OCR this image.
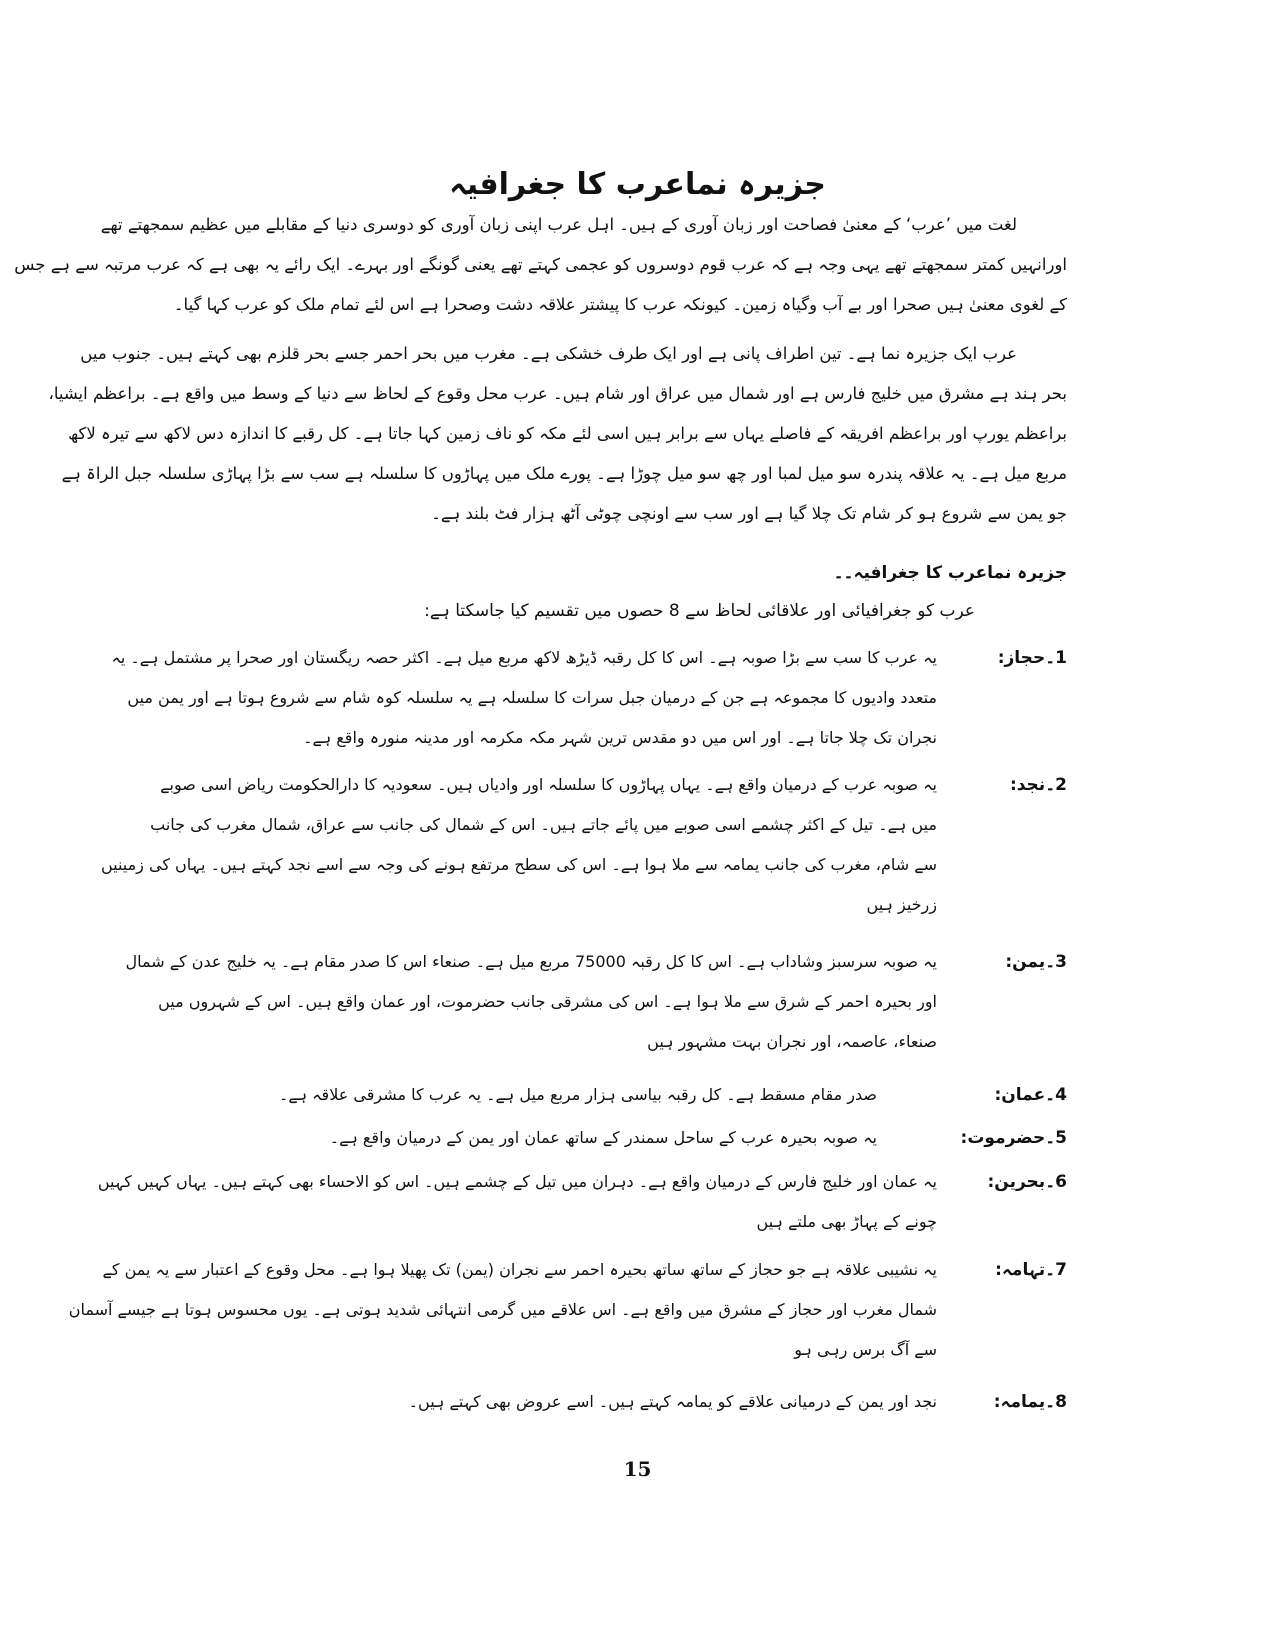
جزیرہ نماعرب کا جغرافیہ
لغت میں ’عرب‘ کے معنیٰ فصاحت اور زبان آوری کے ہیں۔ اہل عرب اپنی زبان آوری کو دوسری دنیا کے مقابلے میں عظیم سمجھتے تھے
اورانہیں کمتر سمجھتے تھے یہی وجہ ہے کہ عرب قوم دوسروں کو عجمی کہتے تھے یعنی گونگے اور بہرے۔ ایک رائے یہ بھی ہے کہ عرب مرتبہ سے ہے جس
کے لغوی معنیٰ ہیں صحرا اور بے آب وگیاہ زمین۔ کیونکہ عرب کا پیشتر علاقہ دشت وصحرا ہے اس لئے تمام ملک کو عرب کہا گیا۔
عرب ایک جزیرہ نما ہے۔ تین اطراف پانی ہے اور ایک طرف خشکی ہے۔ مغرب میں بحر احمر جسے بحر قلزم بھی کہتے ہیں۔ جنوب میں
بحر ہند ہے مشرق میں خلیج فارس ہے اور شمال میں عراق اور شام ہیں۔ عرب محل وقوع کے لحاظ سے دنیا کے وسط میں واقع ہے۔ براعظم ایشیا،
براعظم یورپ اور براعظم افریقہ کے فاصلے یہاں سے برابر ہیں اسی لئے مکہ کو ناف زمین کہا جاتا ہے۔ کل رقبے کا اندازہ دس لاکھ سے تیرہ لاکھ
مربع میل ہے۔ یہ علاقہ پندرہ سو میل لمبا اور چھ سو میل چوڑا ہے۔ پورے ملک میں پہاڑوں کا سلسلہ ہے سب سے بڑا پہاڑی سلسلہ جبل الراۃ ہے
جو یمن سے شروع ہو کر شام تک چلا گیا ہے اور سب سے اونچی چوٹی آٹھ ہزار فٹ بلند ہے۔
جزیرہ نماعرب کا جغرافیہ۔۔
عرب کو جغرافیائی اور علاقائی لحاظ سے 8 حصوں میں تقسیم کیا جاسکتا ہے:
1۔حجاز:
یہ عرب کا سب سے بڑا صوبہ ہے۔ اس کا کل رقبہ ڈیڑھ لاکھ مربع میل ہے۔ اکثر حصہ ریگستان اور صحرا پر مشتمل ہے۔ یہ
متعدد وادیوں کا مجموعہ ہے جن کے درمیان جبل سرات کا سلسلہ ہے یہ سلسلہ کوہ شام سے شروع ہوتا ہے اور یمن میں
نجران تک چلا جاتا ہے۔ اور اس میں دو مقدس ترین شہر مکہ مکرمہ اور مدینہ منورہ واقع ہے۔
2۔نجد:
یہ صوبہ عرب کے درمیان واقع ہے۔ یہاں پہاڑوں کا سلسلہ اور وادیاں ہیں۔ سعودیہ کا دارالحکومت ریاض اسی صوبے
میں ہے۔ تیل کے اکثر چشمے اسی صوبے میں پائے جاتے ہیں۔ اس کے شمال کی جانب سے عراق، شمال مغرب کی جانب
سے شام، مغرب کی جانب یمامہ سے ملا ہوا ہے۔ اس کی سطح مرتفع ہونے کی وجہ سے اسے نجد کہتے ہیں۔ یہاں کی زمینیں
زرخیز ہیں
3۔یمن:
یہ صوبہ سرسبز وشاداب ہے۔ اس کا کل رقبہ 75000 مربع میل ہے۔ صنعاء اس کا صدر مقام ہے۔ یہ خلیج عدن کے شمال
اور بحیرہ احمر کے شرق سے ملا ہوا ہے۔ اس کی مشرقی جانب حضرموت، اور عمان واقع ہیں۔ اس کے شہروں میں
صنعاء، عاصمہ، اور نجران بہت مشہور ہیں
4۔عمان:
صدر مقام مسقط ہے۔ کل رقبہ بیاسی ہزار مربع میل ہے۔ یہ عرب کا مشرقی علاقہ ہے۔
5۔حضرموت:
یہ صوبہ بحیرہ عرب کے ساحل سمندر کے ساتھ عمان اور یمن کے درمیان واقع ہے۔
6۔بحرین:
یہ عمان اور خلیج فارس کے درمیان واقع ہے۔ دہران میں تیل کے چشمے ہیں۔ اس کو الاحساء بھی کہتے ہیں۔ یہاں کہیں کہیں
چونے کے پہاڑ بھی ملتے ہیں
7۔تہامہ:
یہ نشیبی علاقہ ہے جو حجاز کے ساتھ ساتھ بحیرہ احمر سے نجران (یمن) تک پھیلا ہوا ہے۔ محل وقوع کے اعتبار سے یہ یمن کے
شمال مغرب اور حجاز کے مشرق میں واقع ہے۔ اس علاقے میں گرمی انتہائی شدید ہوتی ہے۔ یوں محسوس ہوتا ہے جیسے آسمان
سے آگ برس رہی ہو
8۔یمامہ:
نجد اور یمن کے درمیانی علاقے کو یمامہ کہتے ہیں۔ اسے عروض بھی کہتے ہیں۔
15
